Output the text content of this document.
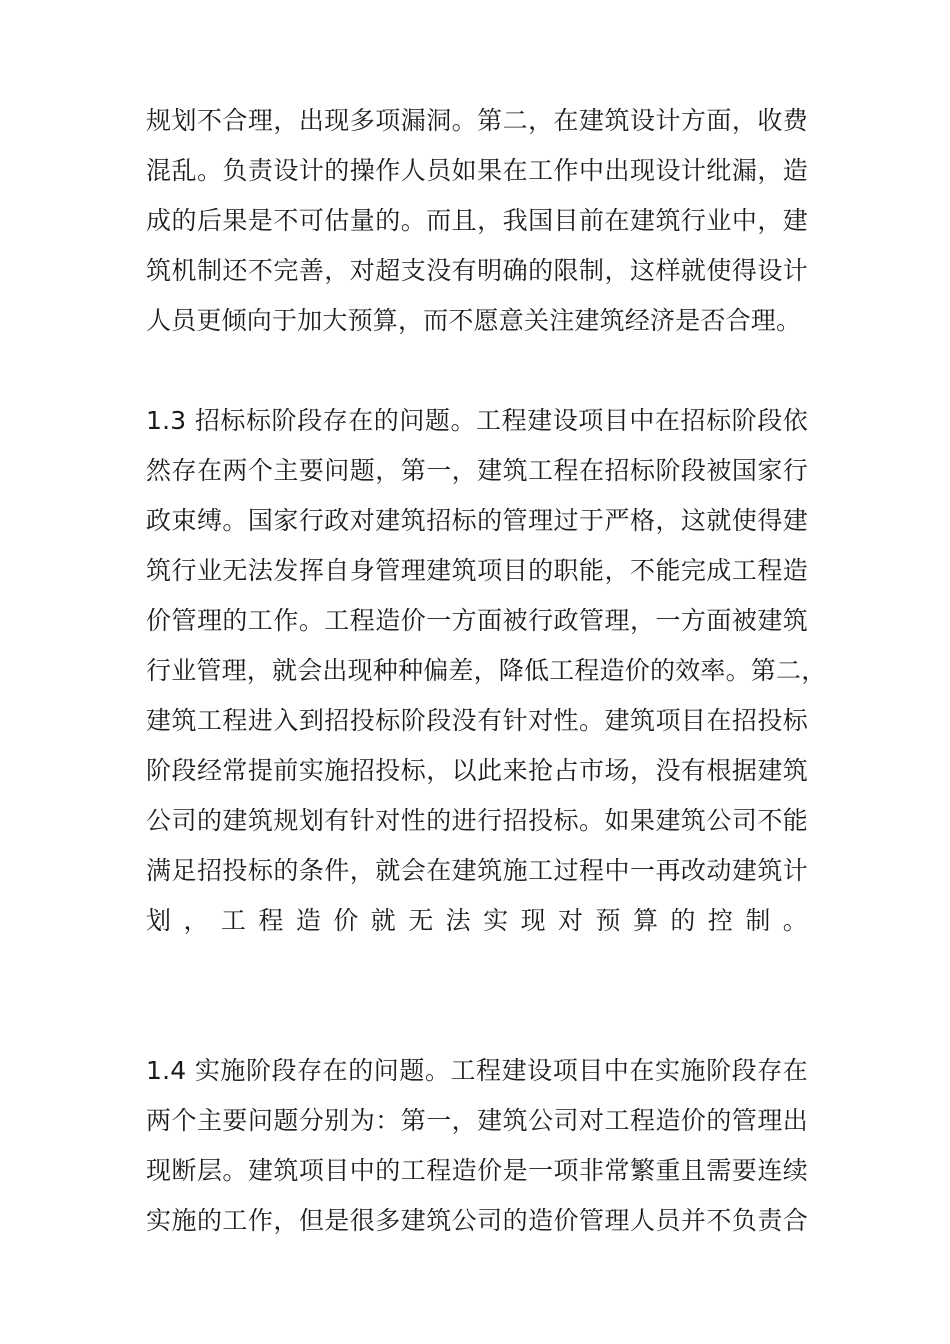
规划不合理，出现多项漏洞。第二，在建筑设计方面，收费
混乱。负责设计的操作人员如果在工作中出现设计纰漏，造
成的后果是不可估量的。而且，我国目前在建筑行业中，建
筑机制还不完善，对超支没有明确的限制，这样就使得设计
人员更倾向于加大预算，而不愿意关注建筑经济是否合理。
1.3 招标标阶段存在的问题。工程建设项目中在招标阶段依
然存在两个主要问题，第一，建筑工程在招标阶段被国家行
政束缚。国家行政对建筑招标的管理过于严格，这就使得建
筑行业无法发挥自身管理建筑项目的职能，不能完成工程造
价管理的工作。工程造价一方面被行政管理，一方面被建筑
行业管理，就会出现种种偏差，降低工程造价的效率。第二，
建筑工程进入到招投标阶段没有针对性。建筑项目在招投标
阶段经常提前实施招投标，以此来抢占市场，没有根据建筑
公司的建筑规划有针对性的进行招投标。如果建筑公司不能
满足招投标的条件，就会在建筑施工过程中一再改动建筑计
划，工程造价就无法实现对预算的控制。
1.4 实施阶段存在的问题。工程建设项目中在实施阶段存在
两个主要问题分别为：第一，建筑公司对工程造价的管理出
现断层。建筑项目中的工程造价是一项非常繁重且需要连续
实施的工作，但是很多建筑公司的造价管理人员并不负责合
